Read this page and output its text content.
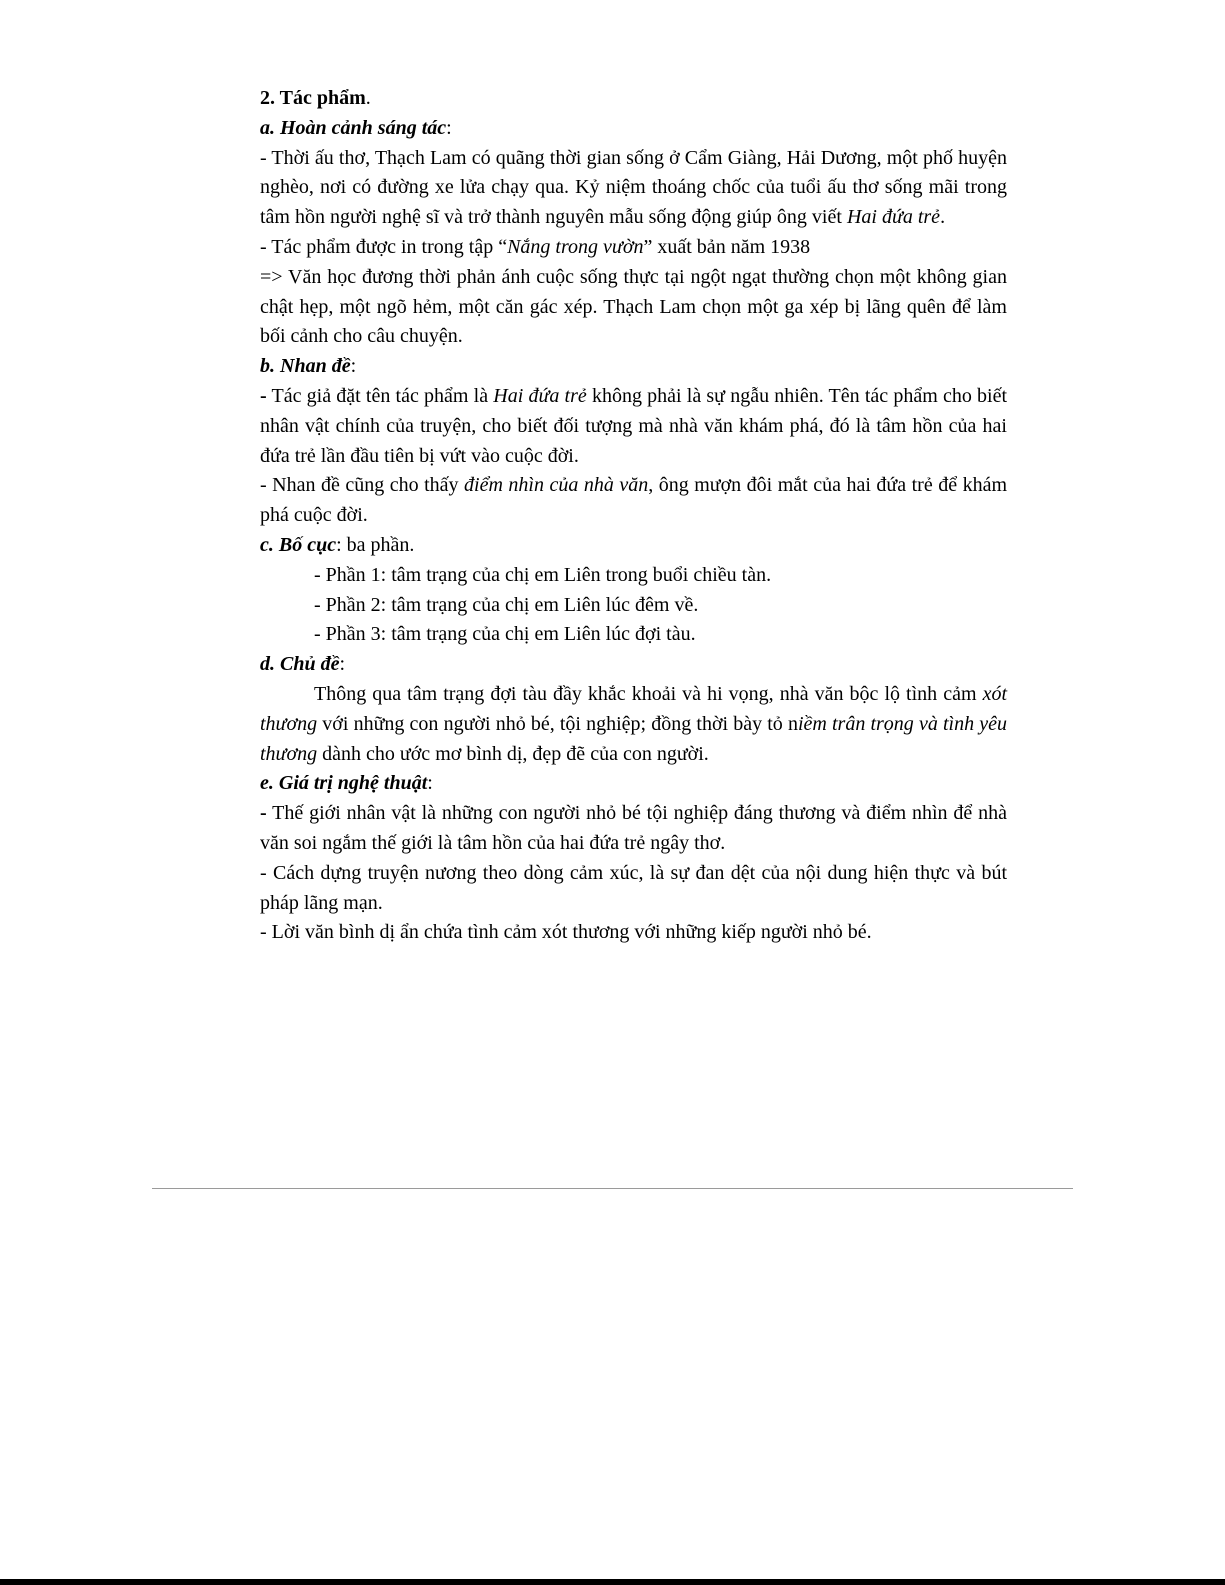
2. Tác phẩm.

a. Hoàn cảnh sáng tác:

- Thời ấu thơ, Thạch Lam có quãng thời gian sống ở Cẩm Giàng, Hải Dương, một phố huyện nghèo, nơi có đường xe lửa chạy qua. Kỷ niệm thoáng chốc của tuổi ấu thơ sống mãi trong tâm hồn người nghệ sĩ và trở thành nguyên mẫu sống động giúp ông viết Hai đứa trẻ.

- Tác phẩm được in trong tập “Nắng trong vườn” xuất bản năm 1938

=> Văn học đương thời phản ánh cuộc sống thực tại ngột ngạt thường chọn một không gian chật hẹp, một ngõ hẻm, một căn gác xép. Thạch Lam chọn một ga xép bị lãng quên để làm bối cảnh cho câu chuyện.

b. Nhan đề:

- Tác giả đặt tên tác phẩm là Hai đứa trẻ không phải là sự ngẫu nhiên. Tên tác phẩm cho biết nhân vật chính của truyện, cho biết đối tượng mà nhà văn khám phá, đó là tâm hồn của hai đứa trẻ lần đầu tiên bị vứt vào cuộc đời.

- Nhan đề cũng cho thấy điểm nhìn của nhà văn, ông mượn đôi mắt của hai đứa trẻ để khám phá cuộc đời.

c. Bố cục: ba phần.

- Phần 1: tâm trạng của chị em Liên trong buổi chiều tàn.

- Phần 2: tâm trạng của chị em Liên lúc đêm về.

- Phần 3: tâm trạng của chị em Liên lúc đợi tàu.

d. Chủ đề:

Thông qua tâm trạng đợi tàu đầy khắc khoải và hi vọng, nhà văn bộc lộ tình cảm xót thương với những con người nhỏ bé, tội nghiệp; đồng thời bày tỏ niềm trân trọng và tình yêu thương dành cho ước mơ bình dị, đẹp đẽ của con người.

e. Giá trị nghệ thuật:

- Thế giới nhân vật là những con người nhỏ bé tội nghiệp đáng thương và điểm nhìn để nhà văn soi ngắm thế giới là tâm hồn của hai đứa trẻ ngây thơ.

- Cách dựng truyện nương theo dòng cảm xúc, là sự đan dệt của nội dung hiện thực và bút pháp lãng mạn.

- Lời văn bình dị ẩn chứa tình cảm xót thương với những kiếp người nhỏ bé.
